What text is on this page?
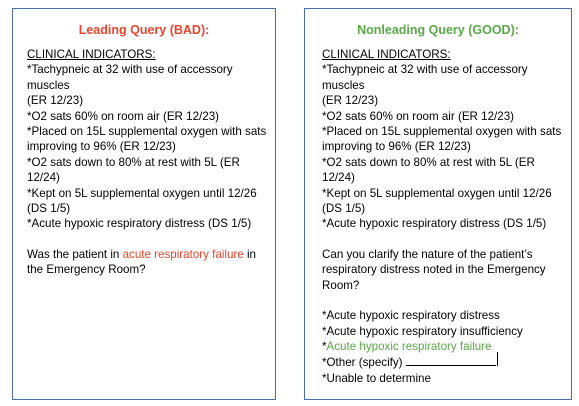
Leading Query (BAD):
CLINICAL INDICATORS:
*Tachypneic at 32 with use of accessory muscles
(ER 12/23)
*O2 sats 60% on room air (ER 12/23)
*Placed on 15L supplemental oxygen with sats
improving to 96% (ER 12/23)
*O2 sats down to 80% at rest with 5L (ER 12/24)
*Kept on 5L supplemental oxygen until 12/26
(DS 1/5)
*Acute hypoxic respiratory distress (DS 1/5)
Was the patient in acute respiratory failure in
the Emergency Room?
Nonleading Query (GOOD):
CLINICAL INDICATORS:
*Tachypneic at 32 with use of accessory muscles
(ER 12/23)
*O2 sats 60% on room air (ER 12/23)
*Placed on 15L supplemental oxygen with sats
improving to 96% (ER 12/23)
*O2 sats down to 80% at rest with 5L (ER 12/24)
*Kept on 5L supplemental oxygen until 12/26
(DS 1/5)
*Acute hypoxic respiratory distress (DS 1/5)
Can you clarify the nature of the patient’s
respiratory distress noted in the Emergency
Room?
*Acute hypoxic respiratory distress
*Acute hypoxic respiratory insufficiency
*Acute hypoxic respiratory failure
*Other (specify)
*Unable to determine
